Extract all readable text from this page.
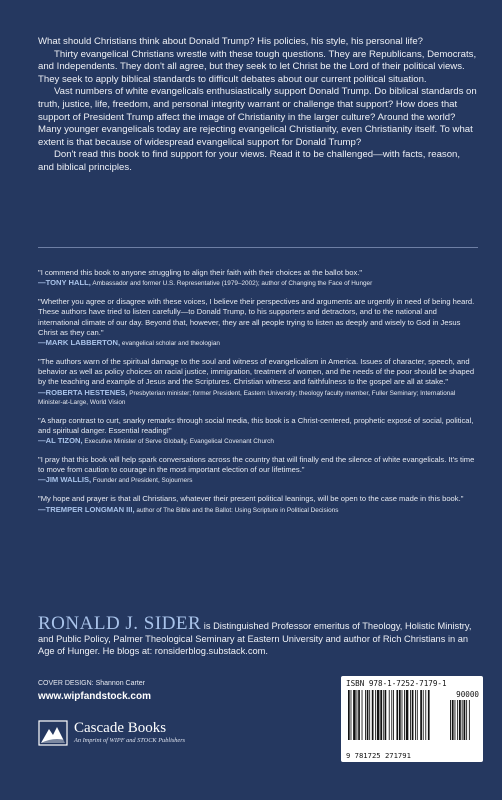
What should Christians think about Donald Trump? His policies, his style, his personal life?

Thirty evangelical Christians wrestle with these tough questions. They are Republicans, Democrats, and Independents. They don't all agree, but they seek to let Christ be the Lord of their political views. They seek to apply biblical standards to difficult debates about our current political situation.

Vast numbers of white evangelicals enthusiastically support Donald Trump. Do biblical standards on truth, justice, life, freedom, and personal integrity warrant or challenge that support? How does that support of President Trump affect the image of Christianity in the larger culture? Around the world? Many younger evangelicals today are rejecting evangelical Christianity, even Christianity itself. To what extent is that because of widespread evangelical support for Donald Trump?

Don't read this book to find support for your views. Read it to be challenged—with facts, reason, and biblical principles.

"I commend this book to anyone struggling to align their faith with their choices at the ballot box."
—TONY HALL, Ambassador and former U.S. Representative (1979–2002); author of Changing the Face of Hunger
"Whether you agree or disagree with these voices, I believe their perspectives and arguments are urgently in need of being heard. These authors have tried to listen carefully—to Donald Trump, to his supporters and detractors, and to the national and international climate of our day. Beyond that, however, they are all people trying to listen as deeply and wisely to God in Jesus Christ as they can."
—MARK LABBERTON, evangelical scholar and theologian
"The authors warn of the spiritual damage to the soul and witness of evangelicalism in America. Issues of character, speech, and behavior as well as policy choices on racial justice, immigration, treatment of women, and the needs of the poor should be shaped by the teaching and example of Jesus and the Scriptures. Christian witness and faithfulness to the gospel are all at stake."
—ROBERTA HESTENES, Presbyterian minister; former President, Eastern University; theology faculty member, Fuller Seminary; International Minister-at-Large, World Vision
"A sharp contrast to curt, snarky remarks through social media, this book is a Christ-centered, prophetic exposé of social, political, and spiritual danger. Essential reading!"
—AL TIZON, Executive Minister of Serve Globally, Evangelical Covenant Church
"I pray that this book will help spark conversations across the country that will finally end the silence of white evangelicals. It's time to move from caution to courage in the most important election of our lifetimes."
—JIM WALLIS, Founder and President, Sojourners
"My hope and prayer is that all Christians, whatever their present political leanings, will be open to the case made in this book."
—TREMPER LONGMAN III, author of The Bible and the Ballot: Using Scripture in Political Decisions
RONALD J. SIDER is Distinguished Professor emeritus of Theology, Holistic Ministry, and Public Policy, Palmer Theological Seminary at Eastern University and author of Rich Christians in an Age of Hunger. He blogs at: ronsiderblog.substack.com.
COVER DESIGN: Shannon Carter
www.wipfandstock.com
Cascade Books
An Imprint of WIPF and STOCK Publishers
ISBN 978-1-7252-7179-1
90000
9 781725 271791
